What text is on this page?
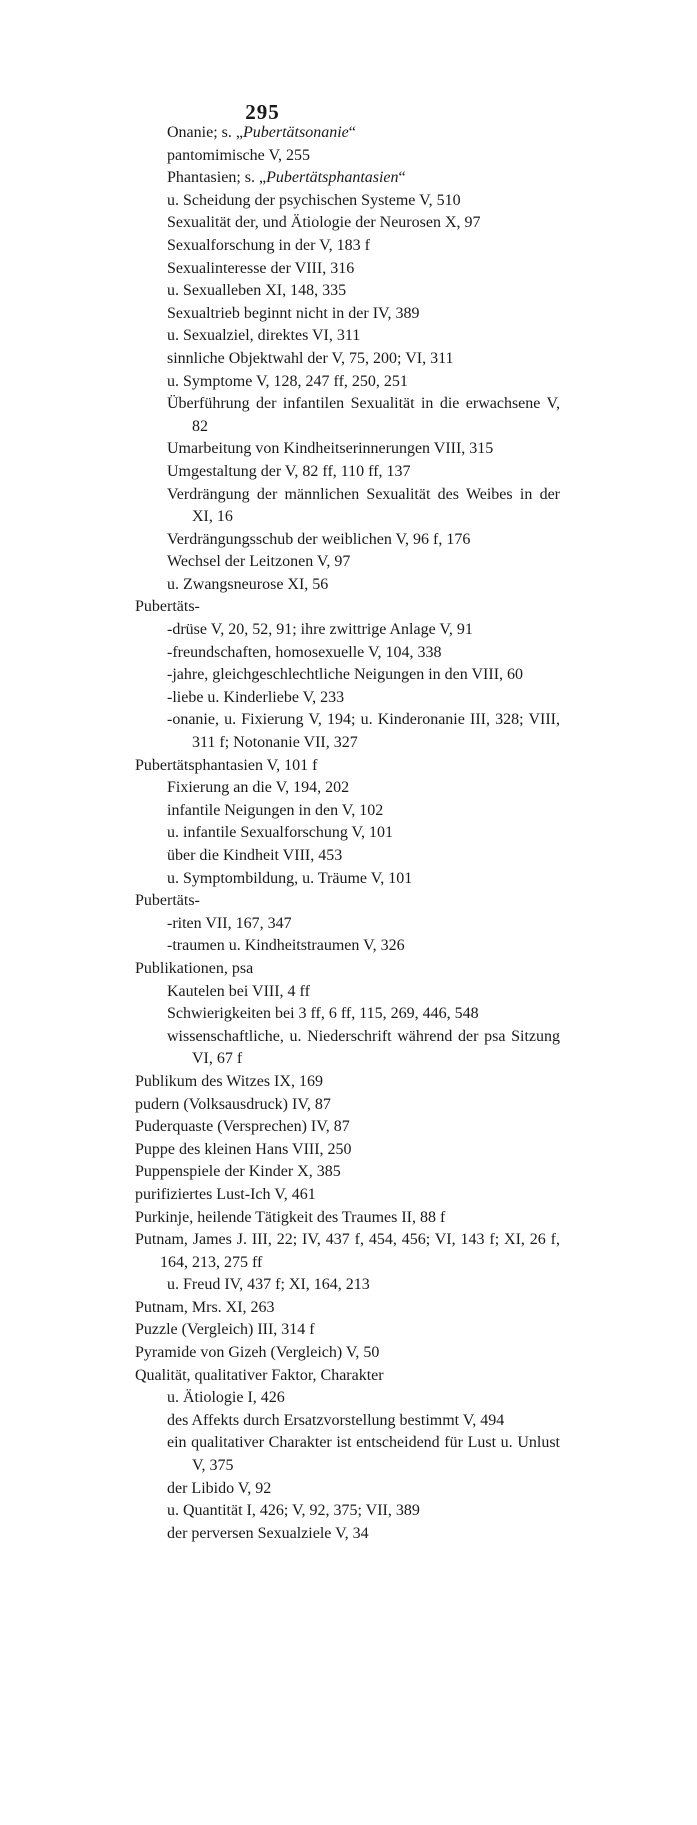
295
Onanie; s. „Pubertätsonanie“
pantomimische V, 255
Phantasien; s. „Pubertätsphantasien“
u. Scheidung der psychischen Systeme V, 510
Sexualität der, und Ätiologie der Neurosen X, 97
Sexualforschung in der V, 183 f
Sexualinteresse der VIII, 316
u. Sexualleben XI, 148, 335
Sexualtrieb beginnt nicht in der IV, 389
u. Sexualziel, direktes VI, 311
sinnliche Objektwahl der V, 75, 200; VI, 311
u. Symptome V, 128, 247 ff, 250, 251
Überführung der infantilen Sexualität in die erwachsene V, 82
Umarbeitung von Kindheitserinnerungen VIII, 315
Umgestaltung der V, 82 ff, 110 ff, 137
Verdrängung der männlichen Sexualität des Weibes in der XI, 16
Verdrängungsschub der weiblichen V, 96 f, 176
Wechsel der Leitzonen V, 97
u. Zwangsneurose XI, 56
Pubertäts-
-drüse V, 20, 52, 91; ihre zwittrige Anlage V, 91
-freundschaften, homosexuelle V, 104, 338
-jahre, gleichgeschlechtliche Neigungen in den VIII, 60
-liebe u. Kinderliebe V, 233
-onanie, u. Fixierung V, 194; u. Kinderonanie III, 328; VIII, 311 f; Notonanie VII, 327
Pubertätsphantasien V, 101 f
Fixierung an die V, 194, 202
infantile Neigungen in den V, 102
u. infantile Sexualforschung V, 101
über die Kindheit VIII, 453
u. Symptombildung, u. Träume V, 101
Pubertäts-
-riten VII, 167, 347
-traumen u. Kindheitstraumen V, 326
Publikationen, psa
Kautelen bei VIII, 4 ff
Schwierigkeiten bei 3 ff, 6 ff, 115, 269, 446, 548
wissenschaftliche, u. Niederschrift während der psa Sitzung VI, 67 f
Publikum des Witzes IX, 169
pudern (Volksausdruck) IV, 87
Puderquaste (Versprechen) IV, 87
Puppe des kleinen Hans VIII, 250
Puppenspiele der Kinder X, 385
purifiziertes Lust-Ich V, 461
Purkinje, heilende Tätigkeit des Traumes II, 88 f
Putnam, James J. III, 22; IV, 437 f, 454, 456; VI, 143 f; XI, 26 f, 164, 213, 275 ff
u. Freud IV, 437 f; XI, 164, 213
Putnam, Mrs. XI, 263
Puzzle (Vergleich) III, 314 f
Pyramide von Gizeh (Vergleich) V, 50
Qualität, qualitativer Faktor, Charakter
u. Ätiologie I, 426
des Affekts durch Ersatzvorstellung bestimmt V, 494
ein qualitativer Charakter ist entscheidend für Lust u. Unlust V, 375
der Libido V, 92
u. Quantität I, 426; V, 92, 375; VII, 389
der perversen Sexualziele V, 34
